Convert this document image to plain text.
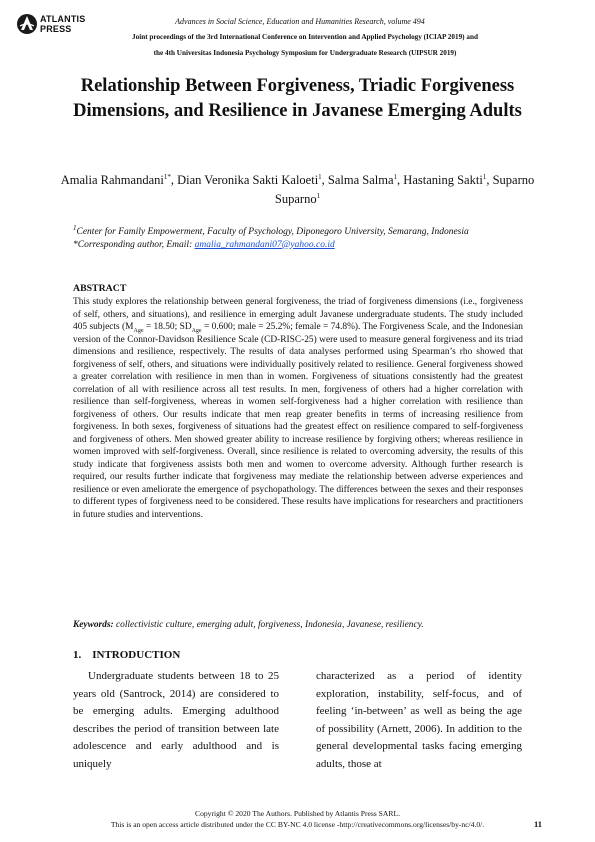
ATLANTIS
PRESS
Advances in Social Science, Education and Humanities Research, volume 494
Joint proceedings of the 3rd International Conference on Intervention and Applied Psychology (ICIAP 2019) and
the 4th Universitas Indonesia Psychology Symposium for Undergraduate Research (UIPSUR 2019)
Relationship Between Forgiveness, Triadic Forgiveness Dimensions, and Resilience in Javanese Emerging Adults
Amalia Rahmandani$^{1*}$, Dian Veronika Sakti Kaloeti$^1$, Salma Salma$^1$, Hastaning Sakti$^1$, Suparno Suparno$^1$
$^1$Center for Family Empowerment, Faculty of Psychology, Diponegoro University, Semarang, Indonesia
*Corresponding author, Email: amalia_rahmandani07@yahoo.co.id
ABSTRACT
This study explores the relationship between general forgiveness, the triad of forgiveness dimensions (i.e., forgiveness of self, others, and situations), and resilience in emerging adult Javanese undergraduate students. The study included 405 subjects ($M_{Age} = 18.50$; $SD_{Age} = 0.600$; male = 25.2%; female = 74.8%). The Forgiveness Scale, and the Indonesian version of the Connor-Davidson Resilience Scale (CD-RISC-25) were used to measure general forgiveness and its triad dimensions and resilience, respectively. The results of data analyses performed using Spearman’s rho showed that forgiveness of self, others, and situations were individually positively related to resilience. General forgiveness showed a greater correlation with resilience in men than in women. Forgiveness of situations consistently had the greatest correlation of all with resilience across all test results. In men, forgiveness of others had a higher correlation with resilience than self-forgiveness, whereas in women self-forgiveness had a higher correlation with resilience than forgiveness of others. Our results indicate that men reap greater benefits in terms of increasing resilience from forgiveness. In both sexes, forgiveness of situations had the greatest effect on resilience compared to self-forgiveness and forgiveness of others. Men showed greater ability to increase resilience by forgiving others; whereas resilience in women improved with self-forgiveness. Overall, since resilience is related to overcoming adversity, the results of this study indicate that forgiveness assists both men and women to overcome adversity. Although further research is required, our results further indicate that forgiveness may mediate the relationship between adverse experiences and resilience or even ameliorate the emergence of psychopathology. The differences between the sexes and their responses to different types of forgiveness need to be considered. These results have implications for researchers and practitioners in future studies and interventions.
Keywords: collectivistic culture, emerging adult, forgiveness, Indonesia, Javanese, resiliency.
1. INTRODUCTION
Undergraduate students between 18 to 25 years old (Santrock, 2014) are considered to be emerging adults. Emerging adulthood describes the period of transition between late adolescence and early adulthood and is uniquely
characterized as a period of identity exploration, instability, self-focus, and of feeling ‘in-between’ as well as being the age of possibility (Arnett, 2006). In addition to the general developmental tasks facing emerging adults, those at
Copyright © 2020 The Authors. Published by Atlantis Press SARL.
This is an open access article distributed under the CC BY-NC 4.0 license -http://creativecommons.org/licenses/by-nc/4.0/.	11
